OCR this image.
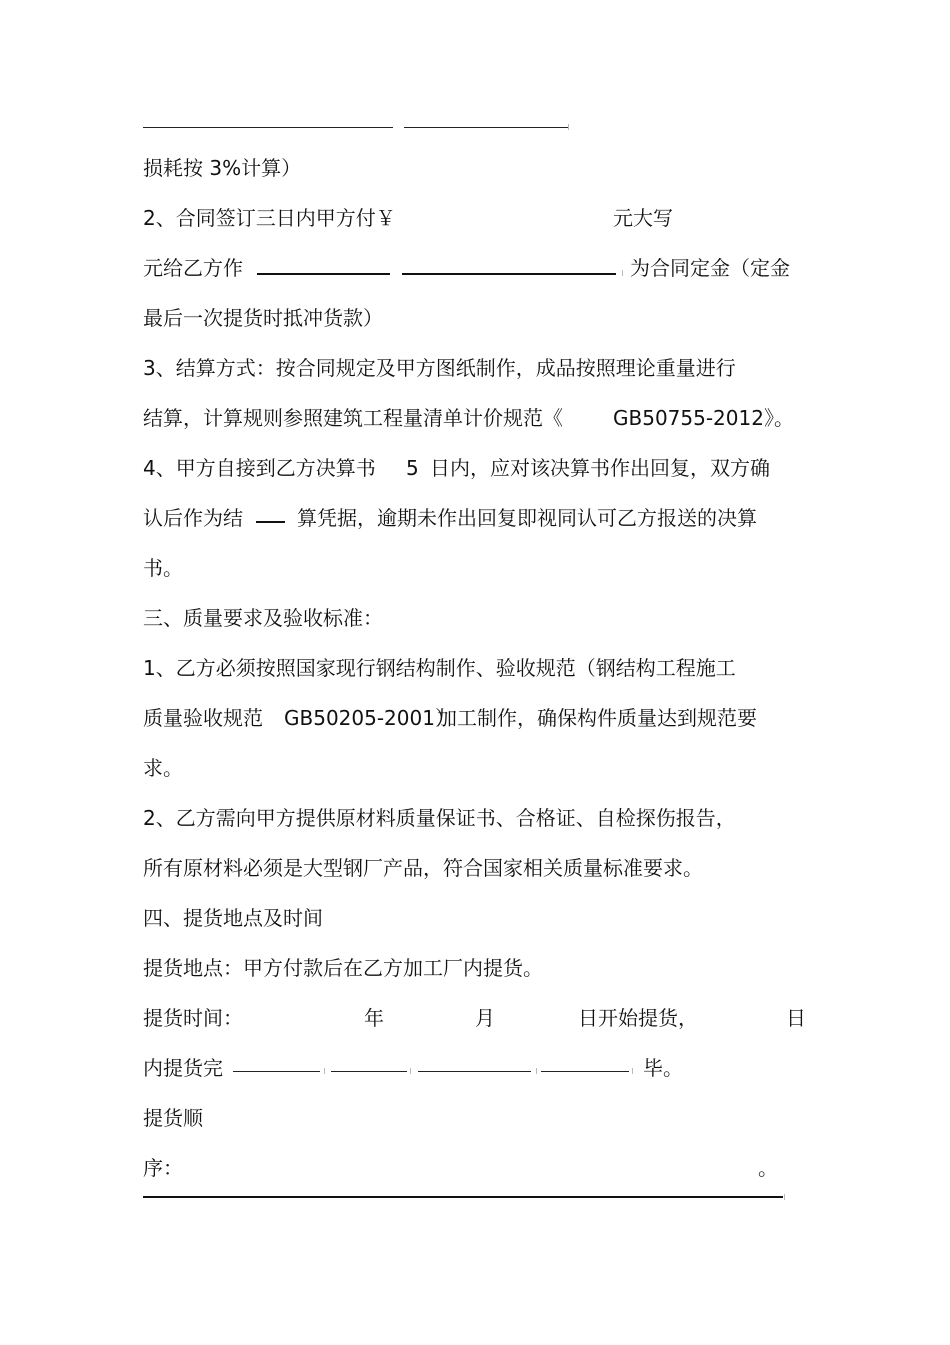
损耗按 3%计算）
2、合同签订三日内甲方付￥	元大写
元给乙方作	为合同定金（定金
最后一次提货时抵冲货款）
3、结算方式：按合同规定及甲方图纸制作，成品按照理论重量进行
结算，计算规则参照建筑工程量清单计价规范《	GB50755-2012》。
4、甲方自接到乙方决算书 5 日内，应对该决算书作出回复，双方确
认后作为结	算凭据，逾期未作出回复即视同认可乙方报送的决算
书。
三、质量要求及验收标准：
1、乙方必须按照国家现行钢结构制作、验收规范（钢结构工程施工
质量验收规范 GB50205-2001）
加工制作，确保构件质量达到规范要
求。
2、乙方需向甲方提供原材料质量保证书、合格证、自检探伤报告，
所有原材料必须是大型钢厂产品，符合国家相关质量标准要求。
四、提货地点及时间
提货地点：甲方付款后在乙方加工厂内提货。
提货时间：	年	月	日开始提货，	日
内提货完	毕。
提货顺
序：	。
